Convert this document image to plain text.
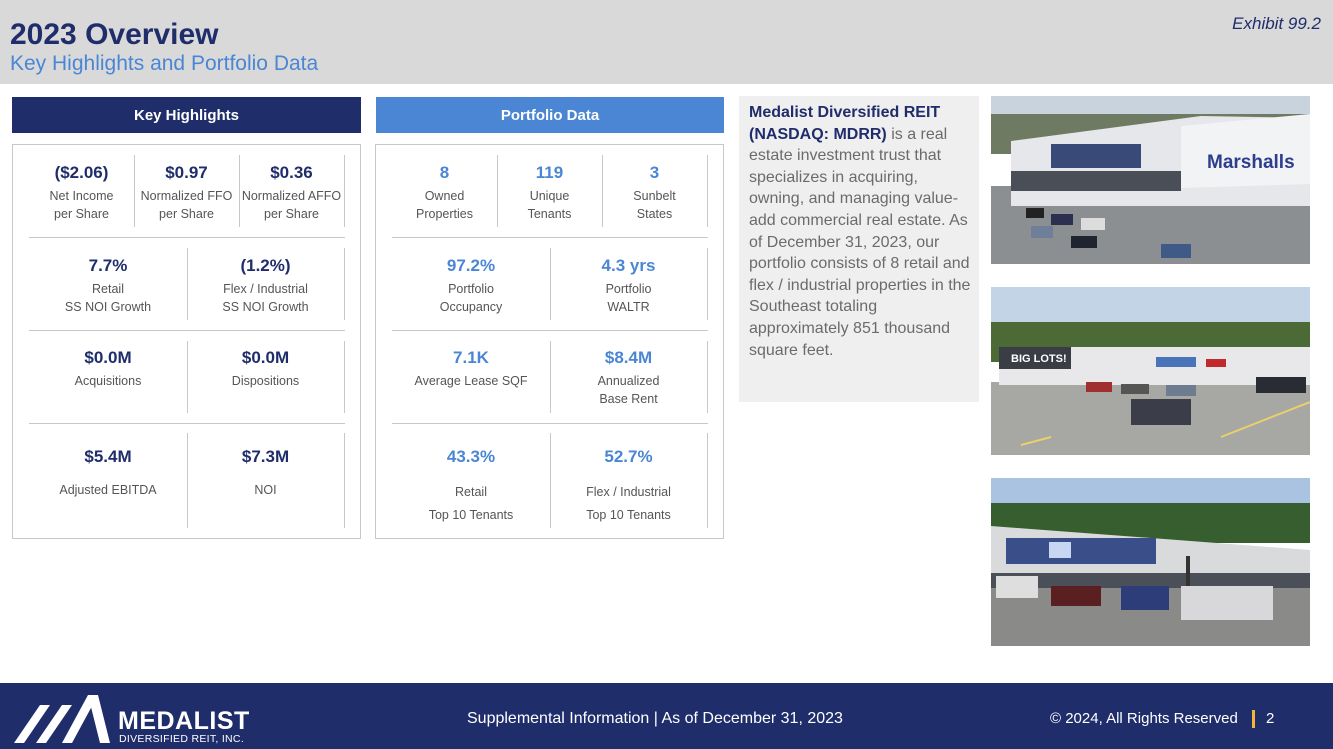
2023 Overview
Key Highlights and Portfolio Data
Exhibit 99.2
Key Highlights
($2.06)
Net Income
per Share
$0.97
Normalized FFO
per Share
$0.36
Normalized AFFO
per Share
7.7%
Retail
SS NOI Growth
(1.2%)
Flex / Industrial
SS NOI Growth
$0.0M
Acquisitions
$0.0M
Dispositions
$5.4M
Adjusted EBITDA
$7.3M
NOI
Portfolio Data
8
Owned
Properties
119
Unique
Tenants
3
Sunbelt
States
97.2%
Portfolio
Occupancy
4.3 yrs
Portfolio
WALTR
7.1K
Average Lease SQF
$8.4M
Annualized
Base Rent
43.3%
Retail
Top 10 Tenants
52.7%
Flex / Industrial
Top 10 Tenants
Medalist Diversified REIT (NASDAQ: MDRR) is a real estate investment trust that specializes in acquiring, owning, and managing value-add commercial real estate. As of December 31, 2023, our portfolio consists of 8 retail and flex / industrial properties in the Southeast totaling approximately 851 thousand square feet.
Marshalls
BIG LOTS!
MEDALIST
DIVERSIFIED REIT, INC.
Supplemental Information | As of December 31, 2023	© 2024, All Rights Reserved 2
